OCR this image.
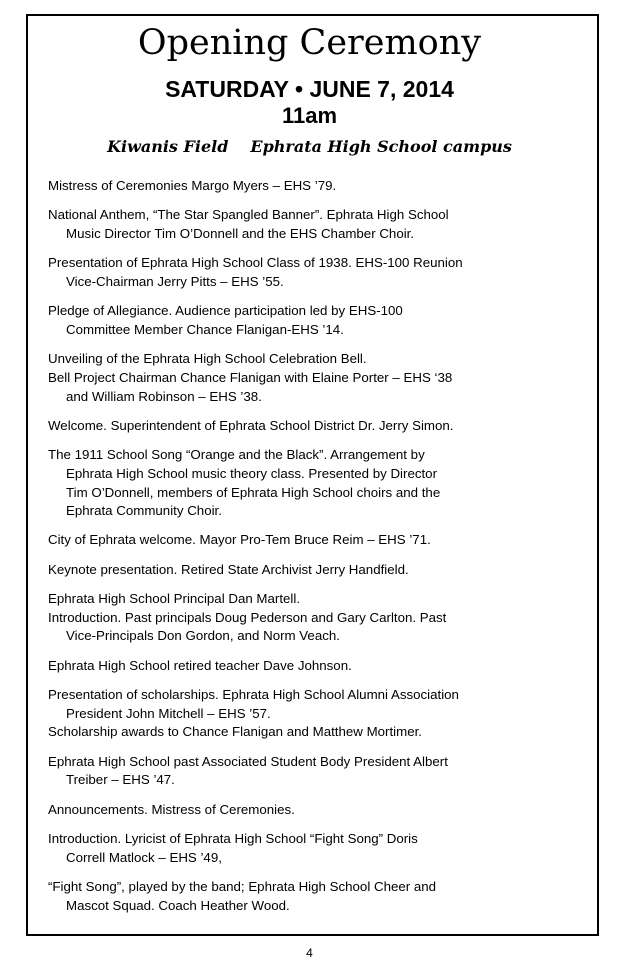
Opening Ceremony
SATURDAY • JUNE 7, 2014
11am
Kiwanis Field Ephrata High School campus
Mistress of Ceremonies Margo Myers – EHS ’79.
National Anthem, “The Star Spangled Banner”. Ephrata High School
Music Director Tim O’Donnell and the EHS Chamber Choir.
Presentation of Ephrata High School Class of 1938. EHS-100 Reunion
Vice-Chairman Jerry Pitts – EHS ’55.
Pledge of Allegiance. Audience participation led by EHS-100
Committee Member Chance Flanigan-EHS ’14.
Unveiling of the Ephrata High School Celebration Bell.
Bell Project Chairman Chance Flanigan with Elaine Porter – EHS ‘38
and William Robinson – EHS ’38.
Welcome. Superintendent of Ephrata School District Dr. Jerry Simon.
The 1911 School Song “Orange and the Black”. Arrangement by
Ephrata High School music theory class. Presented by Director
Tim O’Donnell, members of Ephrata High School choirs and the
Ephrata Community Choir.
City of Ephrata welcome. Mayor Pro-Tem Bruce Reim – EHS ’71.
Keynote presentation. Retired State Archivist Jerry Handfield.
Ephrata High School Principal Dan Martell.
Introduction. Past principals Doug Pederson and Gary Carlton. Past
Vice-Principals Don Gordon, and Norm Veach.
Ephrata High School retired teacher Dave Johnson.
Presentation of scholarships. Ephrata High School Alumni Association
President John Mitchell – EHS ’57.
Scholarship awards to Chance Flanigan and Matthew Mortimer.
Ephrata High School past Associated Student Body President Albert
Treiber – EHS ’47.
Announcements. Mistress of Ceremonies.
Introduction. Lyricist of Ephrata High School “Fight Song” Doris
Correll Matlock – EHS ’49,
“Fight Song”, played by the band; Ephrata High School Cheer and
Mascot Squad. Coach Heather Wood.
4
